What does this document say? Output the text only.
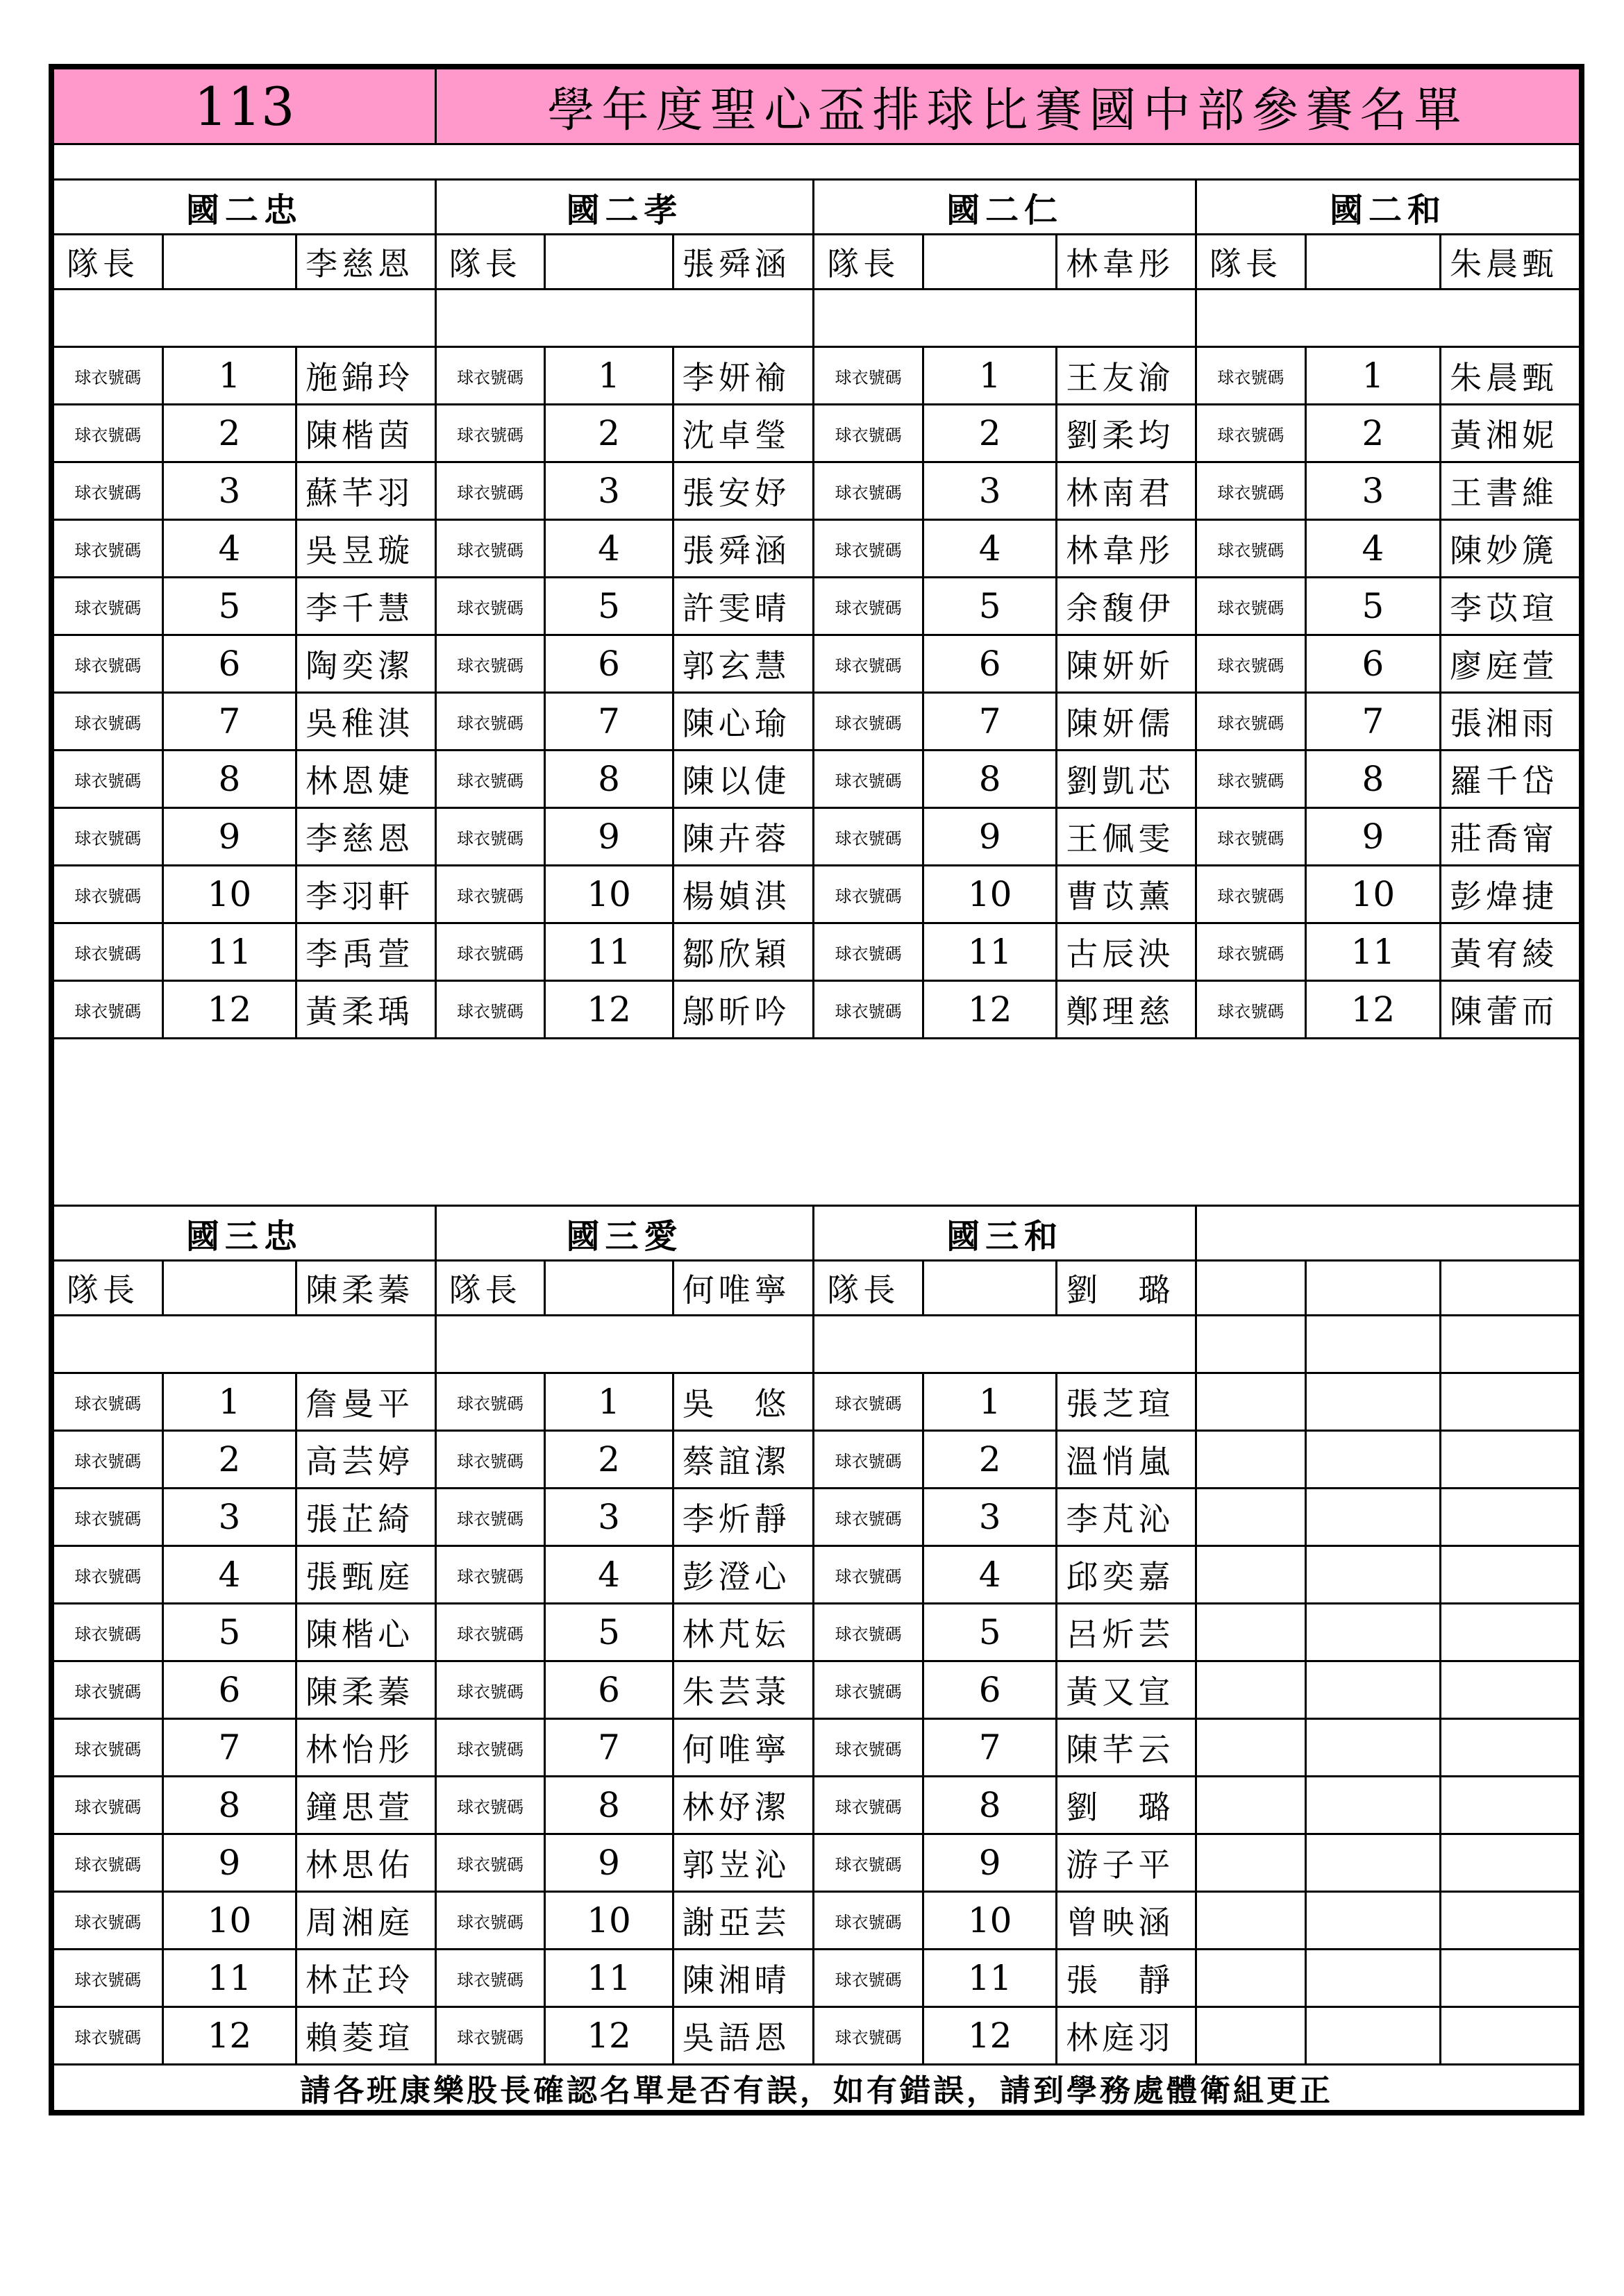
113			學年度聖心盃排球比賽國中部參賽名單								

國二忠			國二孝			國二仁			國二和		
隊長		李慈恩	隊長		張舜涵	隊長		林韋彤	隊長		朱晨甄

球衣號碼	1	施錦玲	球衣號碼	1	李妍褕	球衣號碼	1	王友渝	球衣號碼	1	朱晨甄
球衣號碼	2	陳楷茵	球衣號碼	2	沈卓瑩	球衣號碼	2	劉柔均	球衣號碼	2	黃湘妮
球衣號碼	3	蘇芊羽	球衣號碼	3	張安妤	球衣號碼	3	林南君	球衣號碼	3	王書維
球衣號碼	4	吳昱璇	球衣號碼	4	張舜涵	球衣號碼	4	林韋彤	球衣號碼	4	陳妙篪
球衣號碼	5	李千慧	球衣號碼	5	許雯晴	球衣號碼	5	余馥伊	球衣號碼	5	李苡瑄
球衣號碼	6	陶奕潔	球衣號碼	6	郭玄慧	球衣號碼	6	陳妍妡	球衣號碼	6	廖庭萱
球衣號碼	7	吳稚淇	球衣號碼	7	陳心瑜	球衣號碼	7	陳妍儒	球衣號碼	7	張湘雨
球衣號碼	8	林恩婕	球衣號碼	8	陳以倢	球衣號碼	8	劉凱芯	球衣號碼	8	羅千岱
球衣號碼	9	李慈恩	球衣號碼	9	陳卉蓉	球衣號碼	9	王佩雯	球衣號碼	9	莊喬甯
球衣號碼	10	李羽軒	球衣號碼	10	楊媜淇	球衣號碼	10	曹苡薰	球衣號碼	10	彭煒捷
球衣號碼	11	李禹萱	球衣號碼	11	鄒欣穎	球衣號碼	11	古辰泱	球衣號碼	11	黃宥綾
球衣號碼	12	黃柔瑀	球衣號碼	12	鄔昕吟	球衣號碼	12	鄭理慈	球衣號碼	12	陳蕾而

國三忠			國三愛			國三和					
隊長		陳柔蓁	隊長		何唯寧	隊長		劉　璐			

球衣號碼	1	詹曼平	球衣號碼	1	吳　悠	球衣號碼	1	張芝瑄			
球衣號碼	2	高芸婷	球衣號碼	2	蔡誼潔	球衣號碼	2	溫悄嵐			
球衣號碼	3	張芷綺	球衣號碼	3	李炘靜	球衣號碼	3	李芃沁			
球衣號碼	4	張甄庭	球衣號碼	4	彭澄心	球衣號碼	4	邱奕嘉			
球衣號碼	5	陳楷心	球衣號碼	5	林芃妘	球衣號碼	5	呂炘芸			
球衣號碼	6	陳柔蓁	球衣號碼	6	朱芸菉	球衣號碼	6	黃又宣			
球衣號碼	7	林怡彤	球衣號碼	7	何唯寧	球衣號碼	7	陳芊云			
球衣號碼	8	鐘思萱	球衣號碼	8	林妤潔	球衣號碼	8	劉　璐			
球衣號碼	9	林思佑	球衣號碼	9	郭岦沁	球衣號碼	9	游子平			
球衣號碼	10	周湘庭	球衣號碼	10	謝亞芸	球衣號碼	10	曾映涵			
球衣號碼	11	林芷玲	球衣號碼	11	陳湘晴	球衣號碼	11	張　靜			
球衣號碼	12	賴菱瑄	球衣號碼	12	吳語恩	球衣號碼	12	林庭羽			
請各班康樂股長確認名單是否有誤，如有錯誤，請到學務處體衛組更正											
